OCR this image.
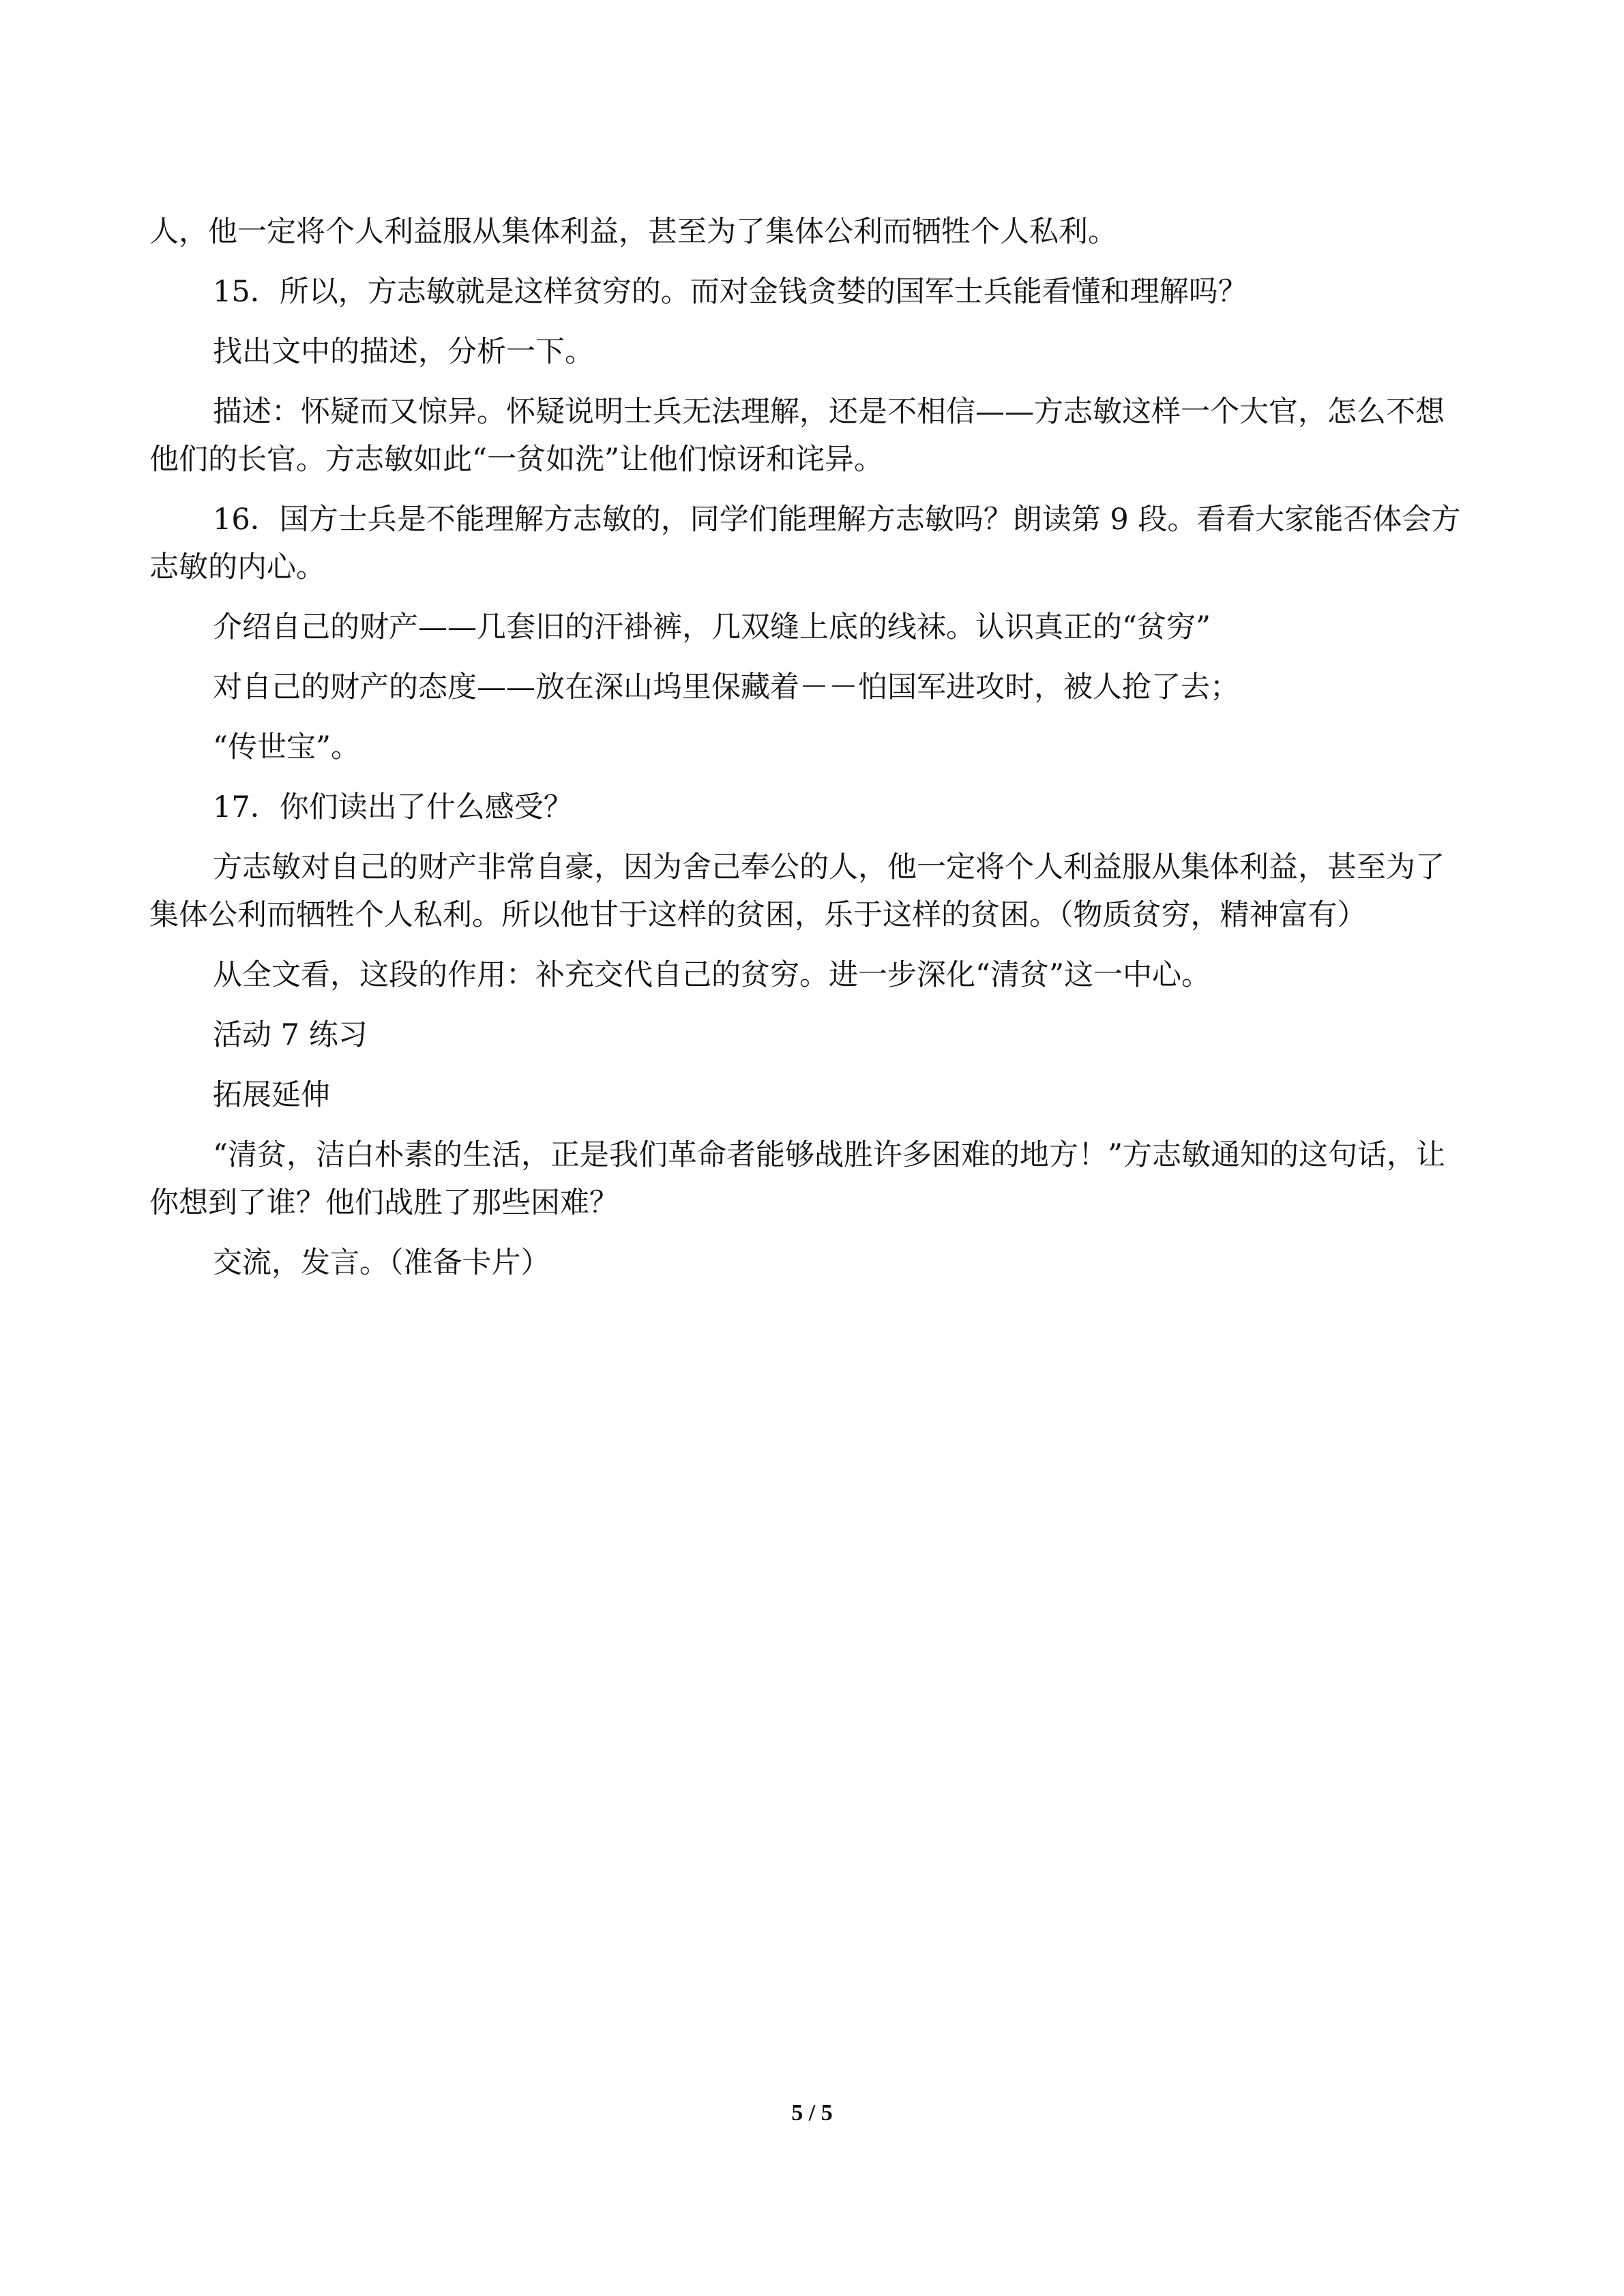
人，他一定将个人利益服从集体利益，甚至为了集体公利而牺牲个人私利。

15．所以，方志敏就是这样贫穷的。而对金钱贪婪的国军士兵能看懂和理解吗？

找出文中的描述，分析一下。

描述：怀疑而又惊异。怀疑说明士兵无法理解，还是不相信——方志敏这样一个大官，怎么不想他们的长官。方志敏如此“一贫如洗”让他们惊讶和诧异。

16．国方士兵是不能理解方志敏的，同学们能理解方志敏吗？朗读第 9 段。看看大家能否体会方志敏的内心。

介绍自己的财产——几套旧的汗褂裤，几双缝上底的线袜。认识真正的“贫穷”

对自己的财产的态度——放在深山坞里保藏着－－怕国军进攻时，被人抢了去；

“传世宝”。

17．你们读出了什么感受？

方志敏对自己的财产非常自豪，因为舍己奉公的人，他一定将个人利益服从集体利益，甚至为了集体公利而牺牲个人私利。所以他甘于这样的贫困，乐于这样的贫困。（物质贫穷，精神富有）

从全文看，这段的作用：补充交代自己的贫穷。进一步深化“清贫”这一中心。

活动 7 练习

拓展延伸

“清贫，洁白朴素的生活，正是我们革命者能够战胜许多困难的地方！”方志敏通知的这句话，让你想到了谁？他们战胜了那些困难？

交流，发言。（准备卡片）

5 / 5
